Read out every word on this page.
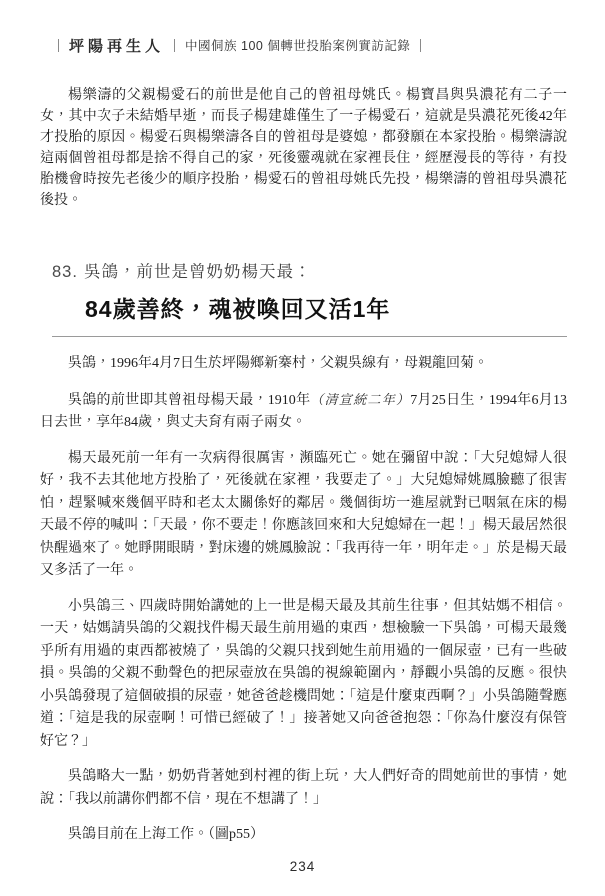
坪陽再生人 中國侗族 100 個轉世投胎案例實訪記錄

楊樂濤的父親楊愛石的前世是他自己的曾祖母姚氏。楊寶昌與吳濃花有二子一女，其中次子未結婚早逝，而長子楊建雄僅生了一子楊愛石，這就是吳濃花死後42年才投胎的原因。楊愛石與楊樂濤各自的曾祖母是婆媳，都發願在本家投胎。楊樂濤說這兩個曾祖母都是捨不得自己的家，死後靈魂就在家裡長住，經歷漫長的等待，有投胎機會時按先老後少的順序投胎，楊愛石的曾祖母姚氏先投，楊樂濤的曾祖母吳濃花後投。

83. 吳鴿，前世是曾奶奶楊天最：
84歲善終，魂被喚回又活1年

吳鴿，1996年4月7日生於坪陽鄉新寨村，父親吳線有，母親龍回菊。

吳鴿的前世即其曾祖母楊天最，1910年（清宣統二年）7月25日生，1994年6月13日去世，享年84歲，與丈夫育有兩子兩女。

楊天最死前一年有一次病得很厲害，瀕臨死亡。她在彌留中說：「大兒媳婦人很好，我不去其他地方投胎了，死後就在家裡，我要走了。」大兒媳婦姚鳳臉聽了很害怕，趕緊喊來幾個平時和老太太關係好的鄰居。幾個街坊一進屋就對已咽氣在床的楊天最不停的喊叫：「天最，你不要走！你應該回來和大兒媳婦在一起！」楊天最居然很快醒過來了。她睜開眼睛，對床邊的姚鳳臉說：「我再待一年，明年走。」於是楊天最又多活了一年。

小吳鴿三、四歲時開始講她的上一世是楊天最及其前生往事，但其姑媽不相信。一天，姑媽請吳鴿的父親找件楊天最生前用過的東西，想檢驗一下吳鴿，可楊天最幾乎所有用過的東西都被燒了，吳鴿的父親只找到她生前用過的一個尿壺，已有一些破損。吳鴿的父親不動聲色的把尿壺放在吳鴿的視線範圍內，靜觀小吳鴿的反應。很快小吳鴿發現了這個破損的尿壺，她爸爸趁機問她：「這是什麼東西啊？」小吳鴿隨聲應道：「這是我的尿壺啊！可惜已經破了！」接著她又向爸爸抱怨：「你為什麼沒有保管好它？」

吳鴿略大一點，奶奶背著她到村裡的街上玩，大人們好奇的問她前世的事情，她說：「我以前講你們都不信，現在不想講了！」

吳鴿目前在上海工作。（圖p55）

234
